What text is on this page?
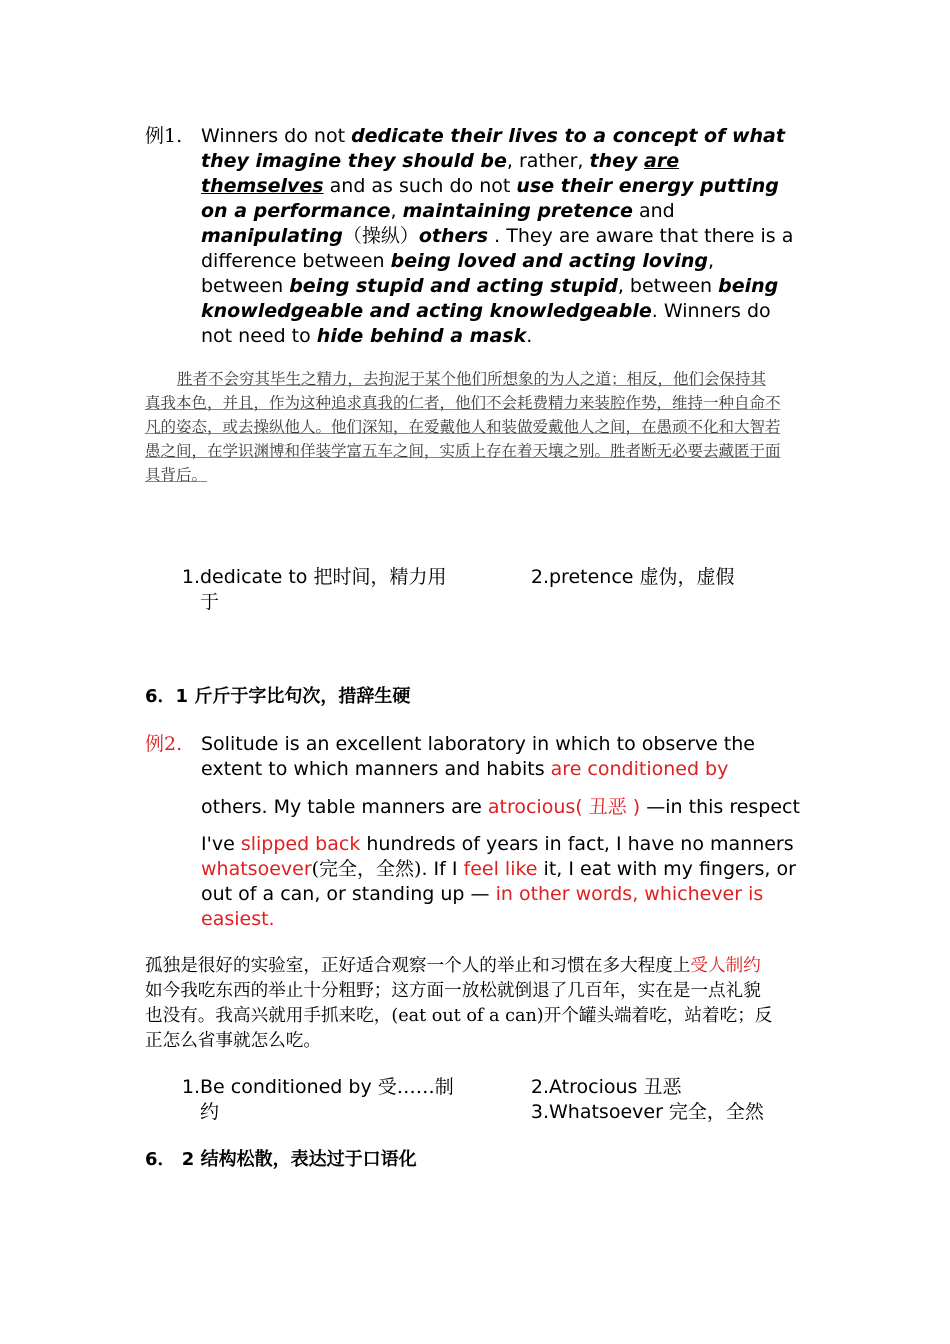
例1. Winners do not dedicate their lives to a concept of what
they imagine they should be, rather, they are
themselves and as such do not use their energy putting
on a performance, maintaining pretence and
manipulating（操纵）others . They are aware that there is a
difference between being loved and acting loving,
between being stupid and acting stupid, between being
knowledgeable and acting knowledgeable. Winners do
not need to hide behind a mask.
胜者不会穷其毕生之精力，去拘泥于某个他们所想象的为人之道；相反，他们会保持其真我本色，并且，作为这种追求真我的仁者，他们不会耗费精力来装腔作势，维持一种自命不凡的姿态，或去操纵他人。他们深知，在爱戴他人和装做爱戴他人之间，在愚顽不化和大智若愚之间，在学识渊博和佯装学富五车之间，实质上存在着天壤之别。胜者断无必要去藏匿于面具背后。
1. dedicate to 把时间，精力用
于
2. pretence 虚伪，虚假
6．1 斤斤于字比句次，措辞生硬
例2. Solitude is an excellent laboratory in which to observe the
extent to which manners and habits are conditioned by
others. My table manners are atrocious( 丑恶 ) —in this respect
I've slipped back hundreds of years in fact, I have no manners
whatsoever(完全，全然). If I feel like it, I eat with my fingers, or
out of a can, or standing up — in other words, whichever is
easiest.
孤独是很好的实验室，正好适合观察一个人的举止和习惯在多大程度上受人制约
如今我吃东西的举止十分粗野；这方面一放松就倒退了几百年，实在是一点礼貌
也没有。我高兴就用手抓来吃，(eat out of a can)开个罐头端着吃，站着吃；反
正怎么省事就怎么吃。
1. Be conditioned by 受……制
约
2. Atrocious 丑恶
3. Whatsoever 完全，全然
6． 2 结构松散，表达过于口语化
